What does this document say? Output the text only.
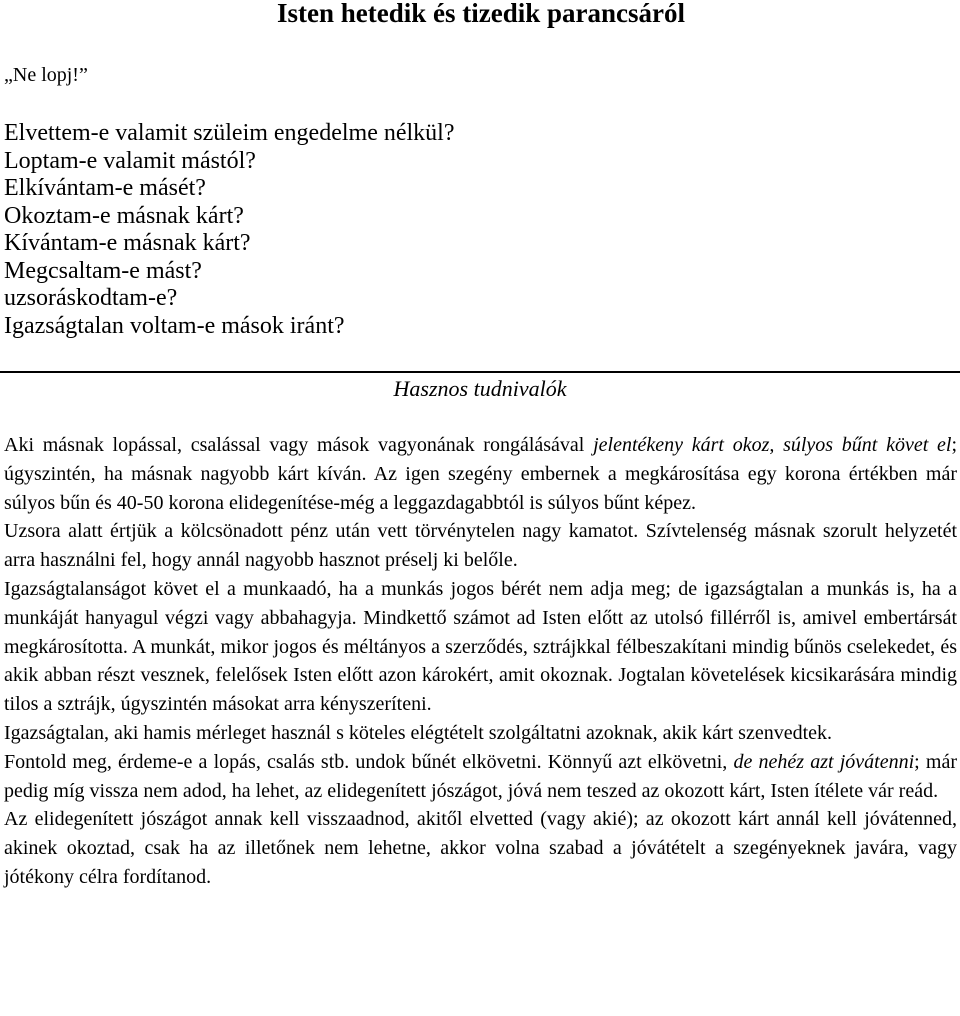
Isten hetedik és tizedik parancsáról

„Ne lopj!”

Elvettem-e valamit szüleim engedelme nélkül?
Loptam-e valamit mástól?
Elkívántam-e másét?
Okoztam-e másnak kárt?
Kívántam-e másnak kárt?
Megcsaltam-e mást?
uzsoráskodtam-e?
Igazságtalan voltam-e mások iránt?
Hasznos tudnivalók

Aki másnak lopással, csalással vagy mások vagyonának rongálásával jelentékeny kárt okoz, súlyos bűnt követ el; úgyszintén, ha másnak nagyobb kárt kíván. Az igen szegény embernek a megkárosítása egy korona értékben már súlyos bűn és 40-50 korona elidegenítése-még a leggazdagabbtól is súlyos bűnt képez.

Uzsora alatt értjük a kölcsönadott pénz után vett törvénytelen nagy kamatot. Szívtelenség másnak szorult helyzetét arra használni fel, hogy annál nagyobb hasznot préselj ki belőle.

Igazságtalanságot követ el a munkaadó, ha a munkás jogos bérét nem adja meg; de igazságtalan a munkás is, ha a munkáját hanyagul végzi vagy abbahagyja. Mindkettő számot ad Isten előtt az utolsó fillérről is, amivel embertársát megkárosította. A munkát, mikor jogos és méltányos a szerződés, sztrájkkal félbeszakítani mindig bűnös cselekedet, és akik abban részt vesznek, felelősek Isten előtt azon károkért, amit okoznak. Jogtalan követelések kicsikarására mindig tilos a sztrájk, úgyszintén másokat arra kényszeríteni.

Igazságtalan, aki hamis mérleget használ s köteles elégtételt szolgáltatni azoknak, akik kárt szenvedtek.

Fontold meg, érdeme-e a lopás, csalás stb. undok bűnét elkövetni. Könnyű azt elkövetni, de nehéz azt jóvátenni; már pedig míg vissza nem adod, ha lehet, az elidegenített jószágot, jóvá nem teszed az okozott kárt, Isten ítélete vár reád.

Az elidegenített jószágot annak kell visszaadnod, akitől elvetted (vagy akié); az okozott kárt annál kell jóvátenned, akinek okoztad, csak ha az illetőnek nem lehetne, akkor volna szabad a jóvátételt a szegényeknek javára, vagy jótékony célra fordítanod.
